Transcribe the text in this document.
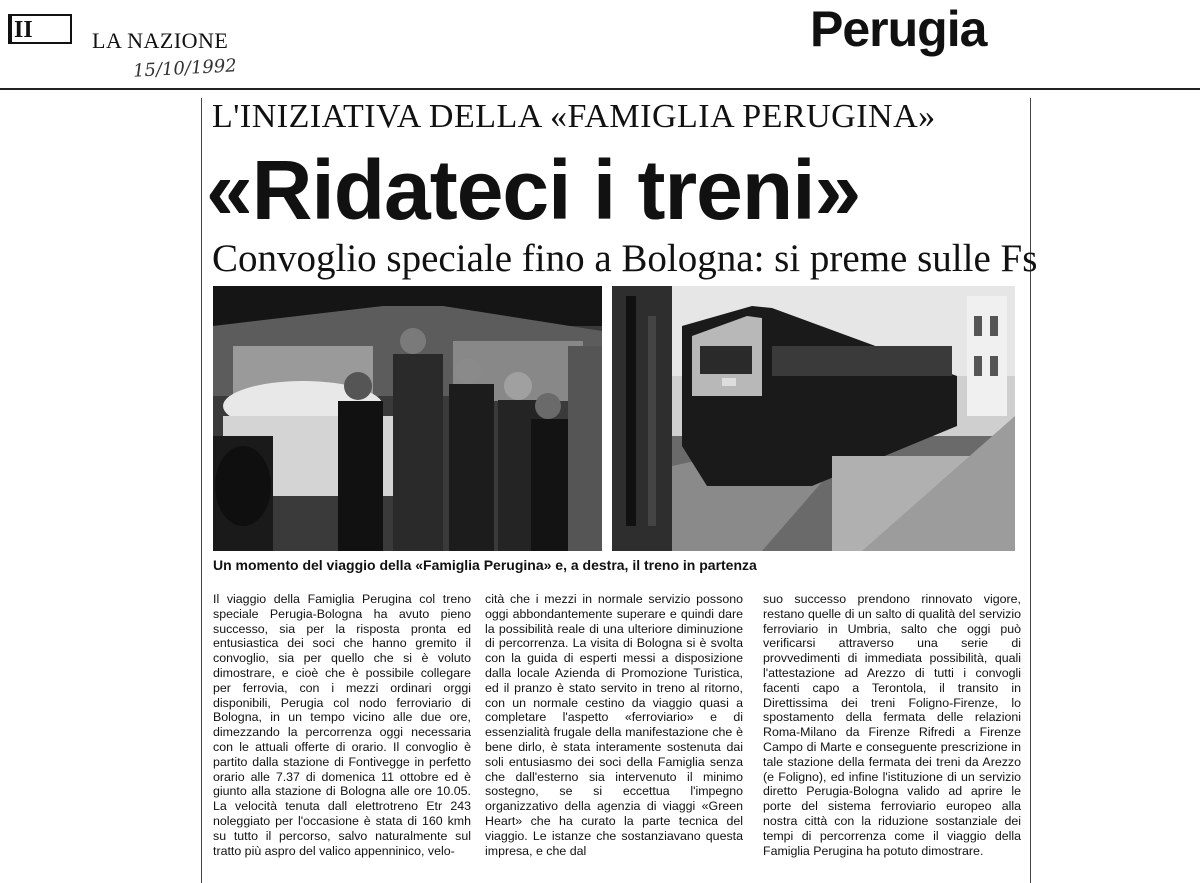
II	LA NAZIONE
15/10/1992
Perugia
L'INIZIATIVA DELLA «FAMIGLIA PERUGINA»
«Ridateci i treni»
Convoglio speciale fino a Bologna: si preme sulle Fs
Un momento del viaggio della «Famiglia Perugina» e, a destra, il treno in partenza

Il viaggio della Famiglia Perugina col treno speciale Perugia-Bologna ha avuto pieno successo, sia per la risposta pronta ed entusiastica dei soci che hanno gremito il convoglio, sia per quello che si è voluto dimostrare, e cioè che è possibile collegare per ferrovia, con i mezzi ordinari orggi disponibili, Perugia col nodo ferroviario di Bologna, in un tempo vicino alle due ore, dimezzando la percorrenza oggi necessaria con le attuali offerte di orario. Il convoglio è partito dalla stazione di Fontivegge in perfetto orario alle 7.37 di domenica 11 ottobre ed è giunto alla stazione di Bologna alle ore 10.05. La velocità tenuta dall elettrotreno Etr 243 noleggiato per l'occasione è stata di 160 kmh su tutto il percorso, salvo naturalmente sul tratto più aspro del valico appenninico, velo-

cità che i mezzi in normale servizio possono oggi abbondantemente superare e quindi dare la possibilità reale di una ulteriore diminuzione di percorrenza. La visita di Bologna si è svolta con la guida di esperti messi a disposizione dalla locale Azienda di Promozione Turistica, ed il pranzo è stato servito in treno al ritorno, con un normale cestino da viaggio quasi a completare l'aspetto «ferroviario» e di essenzialità frugale della manifestazione che è bene dirlo, è stata interamente sostenuta dai soli entusiasmo dei soci della Famiglia senza che dall'esterno sia intervenuto il minimo sostegno, se si eccettua l'impegno organizzativo della agenzia di viaggi «Green Heart» che ha curato la parte tecnica del viaggio. Le istanze che sostanziavano questa impresa, e che dal

suo successo prendono rinnovato vigore, restano quelle di un salto di qualità del servizio ferroviario in Umbria, salto che oggi può verificarsi attraverso una serie di provvedimenti di immediata possibilità, quali l'attestazione ad Arezzo di tutti i convogli facenti capo a Terontola, il transito in Direttissima dei treni Foligno-Firenze, lo spostamento della fermata delle relazioni Roma-Milano da Firenze Rifredi a Firenze Campo di Marte e conseguente prescrizione in tale stazione della fermata dei treni da Arezzo (e Foligno), ed infine l'istituzione di un servizio diretto Perugia-Bologna valido ad aprire le porte del sistema ferroviario europeo alla nostra città con la riduzione sostanziale dei tempi di percorrenza come il viaggio della Famiglia Perugina ha potuto dimostrare.
